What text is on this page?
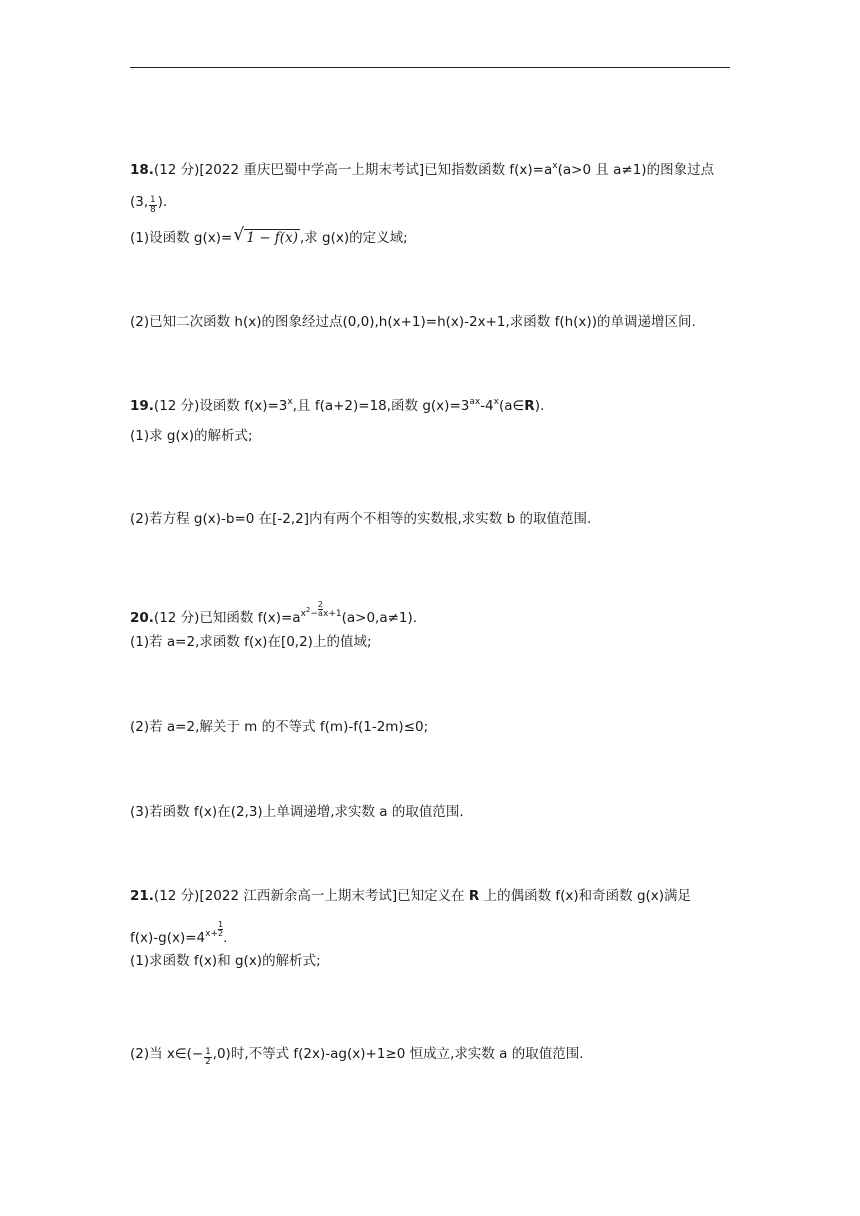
18.(12 分)[2022 重庆巴蜀中学高一上期末考试]已知指数函数 $f(x)=a^x(a>0$ 且 a≠1)的图象过点
(3, $\frac{1}{8}$ ).
(1)设函数 g(x)= √ 1 − f(x) ,求 g(x)的定义域;
(2)已知二次函数 h(x)的图象经过点(0,0),h(x+1)=h(x)-2x+1,求函数 f(h(x))的单调递增区间.
19.(12 分)设函数 $f(x)=3^x$,且 f(a+2)=18,函数 $g(x)=3^{ax}-4^x(a\in R)$.
(1)求 g(x)的解析式;
(2)若方程 g(x)-b=0 在[-2,2]内有两个不相等的实数根,求实数 b 的取值范围.
20.(12 分)已知函数 $f(x)=a^{x^2- \frac{2}{a} x+1}(a>0,a\ne 1)$.
(1)若 a=2,求函数 f(x)在[0,2)上的值域;
(2)若 a=2,解关于 m 的不等式 f(m)-f(1-2m)≤0;
(3)若函数 f(x)在(2,3)上单调递增,求实数 a 的取值范围.
21.(12 分)[2022 江西新余高一上期末考试]已知定义在 R 上的偶函数 f(x)和奇函数 g(x)满足
$f(x)-g(x)=4^{x+ \frac{1}{2}}$ .
(1)求函数 f(x)和 g(x)的解析式;
(2)当 x∈(− $\frac{1}{2} ,0$)时,不等式 f(2x)-ag(x)+1≥0 恒成立,求实数 a 的取值范围.
